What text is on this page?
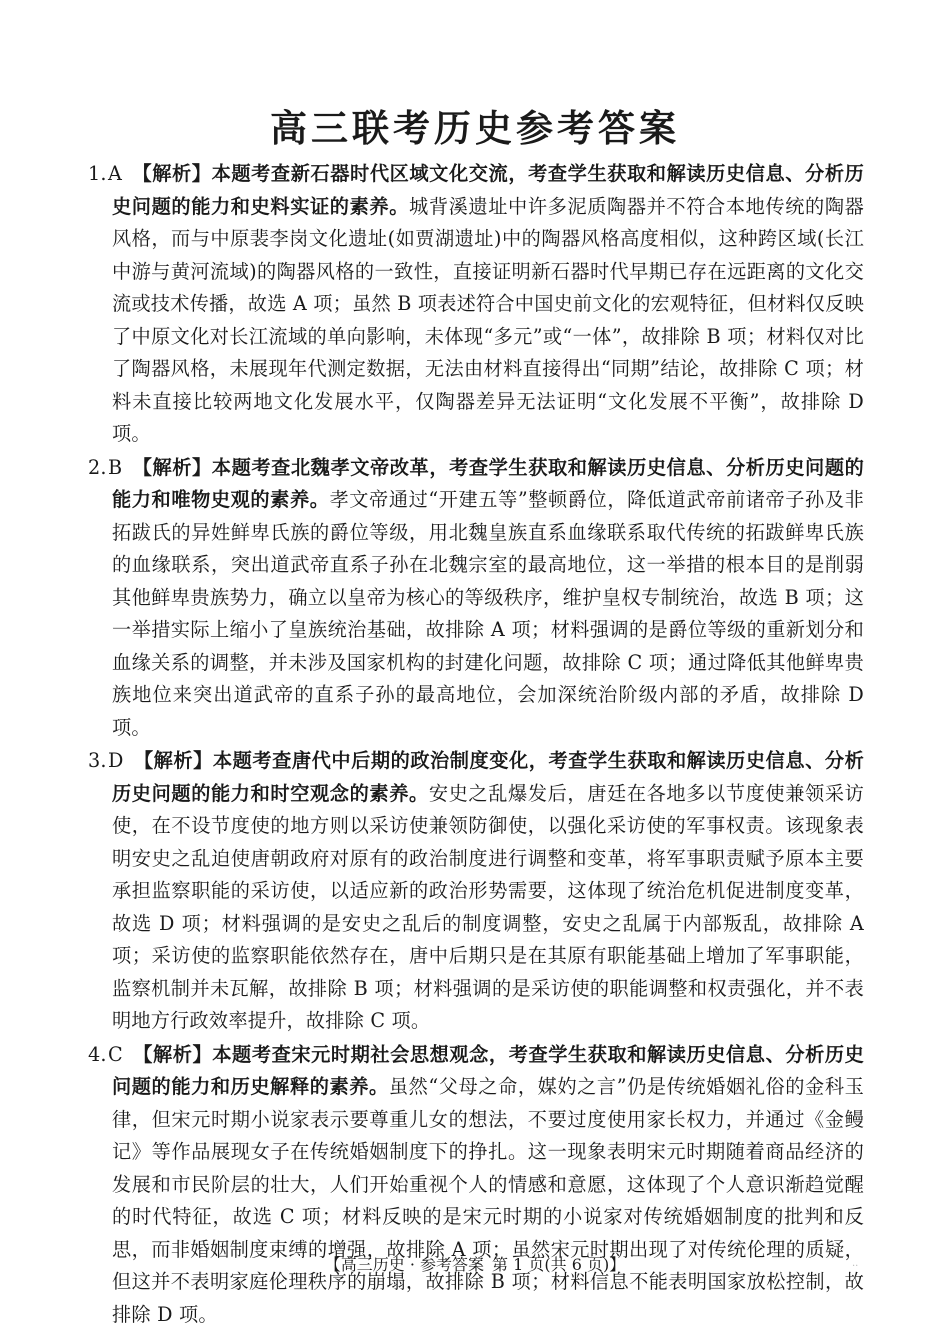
高三联考历史参考答案

1.A 【解析】本题考查新石器时代区域文化交流，考查学生获取和解读历史信息、分析历史问题的能力和史料实证的素养。城背溪遗址中许多泥质陶器并不符合本地传统的陶器风格，而与中原裴李岗文化遗址(如贾湖遗址)中的陶器风格高度相似，这种跨区域(长江中游与黄河流域)的陶器风格的一致性，直接证明新石器时代早期已存在远距离的文化交流或技术传播，故选 A 项；虽然 B 项表述符合中国史前文化的宏观特征，但材料仅反映了中原文化对长江流域的单向影响，未体现“多元”或“一体”，故排除 B 项；材料仅对比了陶器风格，未展现年代测定数据，无法由材料直接得出“同期”结论，故排除 C 项；材料未直接比较两地文化发展水平，仅陶器差异无法证明“文化发展不平衡”，故排除 D 项。

2.B 【解析】本题考查北魏孝文帝改革，考查学生获取和解读历史信息、分析历史问题的能力和唯物史观的素养。孝文帝通过“开建五等”整顿爵位，降低道武帝前诸帝子孙及非拓跋氏的异姓鲜卑氏族的爵位等级，用北魏皇族直系血缘联系取代传统的拓跋鲜卑氏族的血缘联系，突出道武帝直系子孙在北魏宗室的最高地位，这一举措的根本目的是削弱其他鲜卑贵族势力，确立以皇帝为核心的等级秩序，维护皇权专制统治，故选 B 项；这一举措实际上缩小了皇族统治基础，故排除 A 项；材料强调的是爵位等级的重新划分和血缘关系的调整，并未涉及国家机构的封建化问题，故排除 C 项；通过降低其他鲜卑贵族地位来突出道武帝的直系子孙的最高地位，会加深统治阶级内部的矛盾，故排除 D 项。

3.D 【解析】本题考查唐代中后期的政治制度变化，考查学生获取和解读历史信息、分析历史问题的能力和时空观念的素养。安史之乱爆发后，唐廷在各地多以节度使兼领采访使，在不设节度使的地方则以采访使兼领防御使，以强化采访使的军事权责。该现象表明安史之乱迫使唐朝政府对原有的政治制度进行调整和变革，将军事职责赋予原本主要承担监察职能的采访使，以适应新的政治形势需要，这体现了统治危机促进制度变革，故选 D 项；材料强调的是安史之乱后的制度调整，安史之乱属于内部叛乱，故排除 A 项；采访使的监察职能依然存在，唐中后期只是在其原有职能基础上增加了军事职能，监察机制并未瓦解，故排除 B 项；材料强调的是采访使的职能调整和权责强化，并不表明地方行政效率提升，故排除 C 项。

4.C 【解析】本题考查宋元时期社会思想观念，考查学生获取和解读历史信息、分析历史问题的能力和历史解释的素养。虽然“父母之命，媒妁之言”仍是传统婚姻礼俗的金科玉律，但宋元时期小说家表示要尊重儿女的想法，不要过度使用家长权力，并通过《金鳗记》等作品展现女子在传统婚姻制度下的挣扎。这一现象表明宋元时期随着商品经济的发展和市民阶层的壮大，人们开始重视个人的情感和意愿，这体现了个人意识渐趋觉醒的时代特征，故选 C 项；材料反映的是宋元时期的小说家对传统婚姻制度的批判和反思，而非婚姻制度束缚的增强，故排除 A 项；虽然宋元时期出现了对传统伦理的质疑，但这并不表明家庭伦理秩序的崩塌，故排除 B 项；材料信息不能表明国家放松控制，故排除 D 项。

【高三历史 · 参考答案 第 1 页(共 6 页)】	..
